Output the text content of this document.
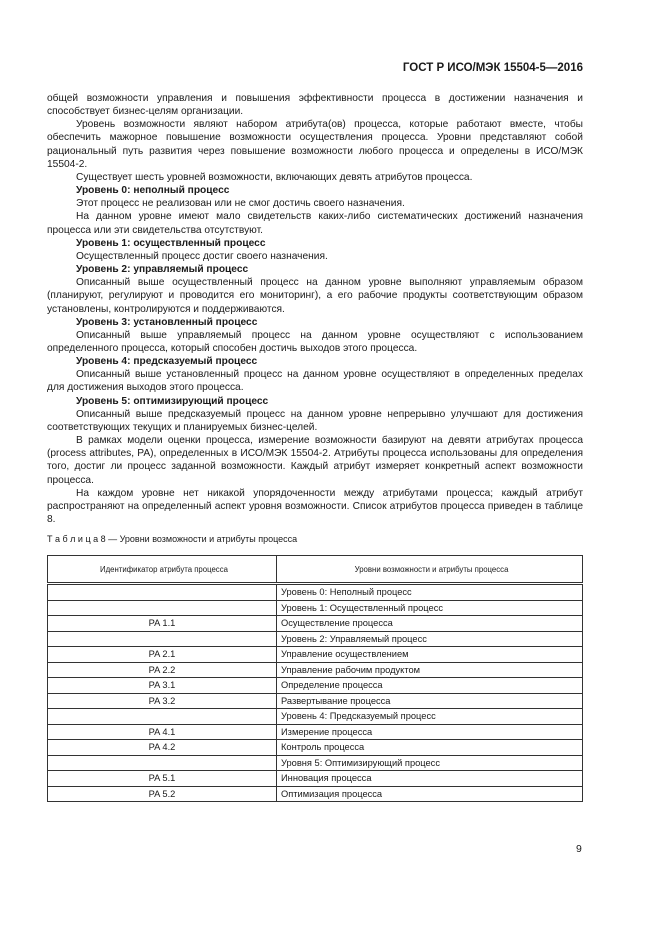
ГОСТ Р ИСО/МЭК 15504-5—2016

общей возможности управления и повышения эффективности процесса в достижении назначения и способствует бизнес-целям организации.

Уровень возможности являют набором атрибута(ов) процесса, которые работают вместе, чтобы обеспечить мажорное повышение возможности осуществления процесса. Уровни представляют собой рациональный путь развития через повышение возможности любого процесса и определены в ИСО/МЭК 15504-2.

Существует шесть уровней возможности, включающих девять атрибутов процесса.

Уровень 0: неполный процесс

Этот процесс не реализован или не смог достичь своего назначения.

На данном уровне имеют мало свидетельств каких-либо систематических достижений назначения процесса или эти свидетельства отсутствуют.

Уровень 1: осуществленный процесс

Осуществленный процесс достиг своего назначения.

Уровень 2: управляемый процесс

Описанный выше осуществленный процесс на данном уровне выполняют управляемым образом (планируют, регулируют и проводится его мониторинг), а его рабочие продукты соответствующим образом установлены, контролируются и поддерживаются.

Уровень 3: установленный процесс

Описанный выше управляемый процесс на данном уровне осуществляют с использованием определенного процесса, который способен достичь выходов этого процесса.

Уровень 4: предсказуемый процесс

Описанный выше установленный процесс на данном уровне осуществляют в определенных пределах для достижения выходов этого процесса.

Уровень 5: оптимизирующий процесс

Описанный выше предсказуемый процесс на данном уровне непрерывно улучшают для достижения соответствующих текущих и планируемых бизнес-целей.

В рамках модели оценки процесса, измерение возможности базируют на девяти атрибутах процесса (process attributes, PA), определенных в ИСО/МЭК 15504-2. Атрибуты процесса использованы для определения того, достиг ли процесс заданной возможности. Каждый атрибут измеряет конкретный аспект возможности процесса.

На каждом уровне нет никакой упорядоченности между атрибутами процесса; каждый атрибут распространяют на определенный аспект уровня возможности. Список атрибутов процесса приведен в таблице 8.

Т а б л и ц а 8 — Уровни возможности и атрибуты процесса
Идентификатор атрибута процесса	Уровни возможности и атрибуты процесса
	Уровень 0: Неполный процесс
	Уровень 1: Осуществленный процесс
PA 1.1	Осуществление процесса
	Уровень 2: Управляемый процесс
PA 2.1	Управление осуществлением
PA 2.2	Управление рабочим продуктом
PA 3.1	Определение процесса
PA 3.2	Развертывание процесса
	Уровень 4: Предсказуемый процесс
PA 4.1	Измерение процесса
PA 4.2	Контроль процесса
	Уровня 5: Оптимизирующий процесс
PA 5.1	Инновация процесса
PA 5.2	Оптимизация процесса
9
